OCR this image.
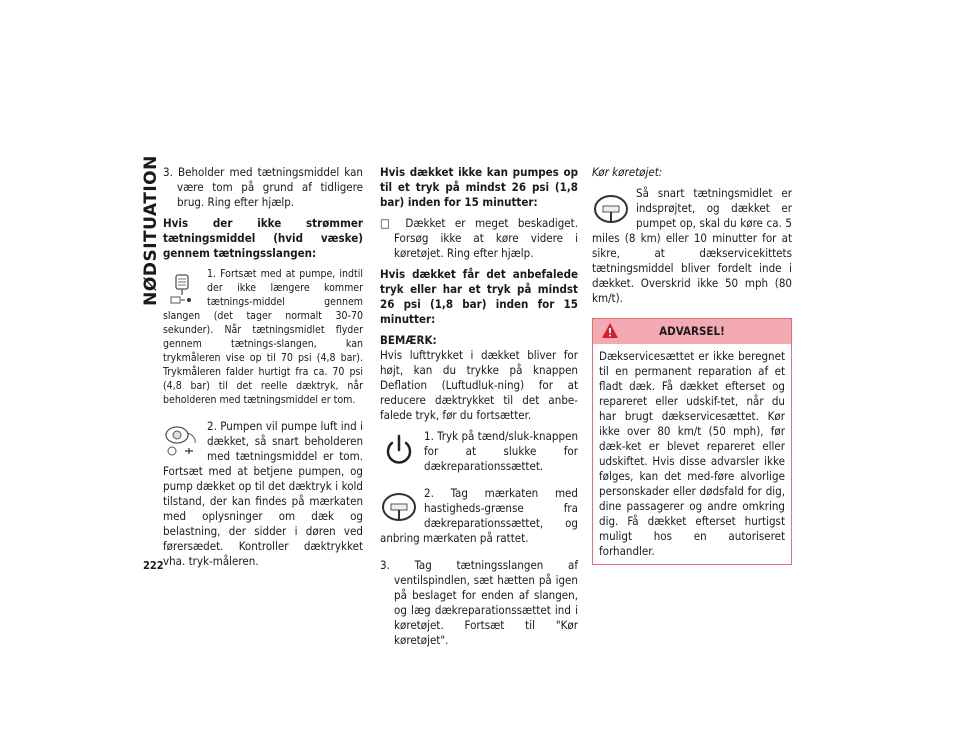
NØDSITUATION
222

3. Beholder med tætningsmiddel kan være tom på grund af tidligere brug. Ring efter hjælp.

Hvis der ikke strømmer tætningsmiddel (hvid væske) gennem tætningsslangen:

1. Fortsæt med at pumpe, indtil der ikke længere kommer tætnings-middel gennem slangen (det tager normalt 30-70 sekunder). Når tætningsmidlet flyder gennem tætnings-slangen, kan trykmåleren vise op til 70 psi (4,8 bar). Trykmåleren falder hurtigt fra ca. 70 psi (4,8 bar) til det reelle dæktryk, når beholderen med tætningsmiddel er tom.

2. Pumpen vil pumpe luft ind i dækket, så snart beholderen med tætningsmiddel er tom. Fortsæt med at betjene pumpen, og pump dækket op til det dæktryk i kold tilstand, der kan findes på mærkaten med oplysninger om dæk og belastning, der sidder i døren ved førersædet. Kontroller dæktrykket vha. tryk-måleren.

Hvis dækket ikke kan pumpes op til et tryk på mindst 26 psi (1,8 bar) inden for 15 minutter:

□ Dækket er meget beskadiget. Forsøg ikke at køre videre i køretøjet. Ring efter hjælp.

Hvis dækket får det anbefalede tryk eller har et tryk på mindst 26 psi (1,8 bar) inden for 15 minutter:

BEMÆRK:

Hvis lufttrykket i dækket bliver for højt, kan du trykke på knappen Deflation (Luftudluk-ning) for at reducere dæktrykket til det anbe-falede tryk, før du fortsætter.

1. Tryk på tænd/sluk-knappen for at slukke for dækreparationssættet.

2. Tag mærkaten med hastigheds-grænse fra dækreparationssættet, og anbring mærkaten på rattet.

3. Tag tætningsslangen af ventilspindlen, sæt hætten på igen på beslaget for enden af slangen, og læg dækreparationssættet ind i køretøjet. Fortsæt til "Kør køretøjet".

Kør køretøjet:

Så snart tætningsmidlet er indsprøjtet, og dækket er pumpet op, skal du køre ca. 5 miles (8 km) eller 10 minutter for at sikre, at dækservicekittets tætningsmiddel bliver fordelt inde i dækket. Overskrid ikke 50 mph (80 km/t).

ADVARSEL!

Dækservicesættet er ikke beregnet til en permanent reparation af et fladt dæk. Få dækket efterset og repareret eller udskif-tet, når du har brugt dækservicesættet. Kør ikke over 80 km/t (50 mph), før dæk-ket er blevet repareret eller udskiftet. Hvis disse advarsler ikke følges, kan det med-føre alvorlige personskader eller dødsfald for dig, dine passagerer og andre omkring dig. Få dækket efterset hurtigst muligt hos en autoriseret forhandler.
